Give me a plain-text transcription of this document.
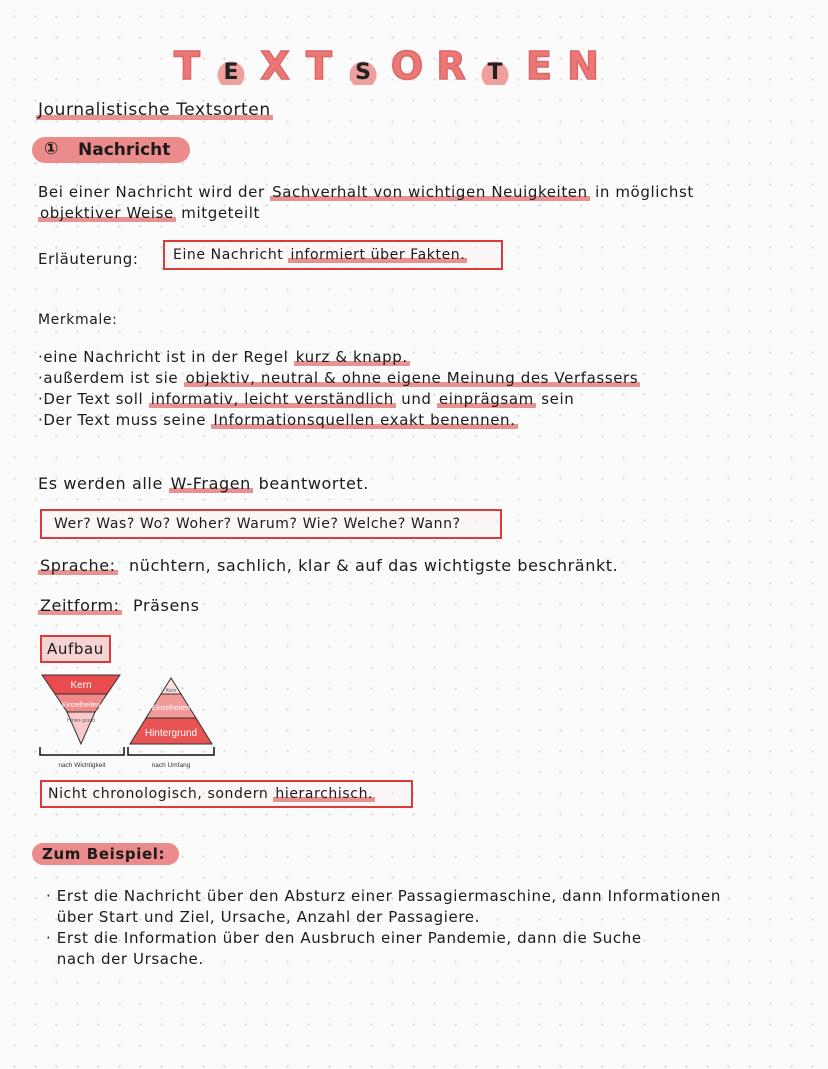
T E X T S O R T E N
Journalistische Textsorten
① Nachricht
Bei einer Nachricht wird der Sachverhalt von wichtigen Neuigkeiten in möglichst
objektiver Weise mitgeteilt
Erläuterung:	Eine Nachricht informiert über Fakten.
Merkmale:
·eine Nachricht ist in der Regel kurz & knapp.
·außerdem ist sie objektiv, neutral & ohne eigene Meinung des Verfassers
·Der Text soll informativ, leicht verständlich und einprägsam sein
·Der Text muss seine Informationsquellen exakt benennen.
Es werden alle W-Fragen beantwortet.
Wer? Was? Wo? Woher? Warum? Wie? Welche? Wann?
Sprache: nüchtern, sachlich, klar & auf das wichtigste beschränkt.
Zeitform: Präsens
Aufbau
Kern
Einzelheiten
Hinter-grund
Kern
Einzelheiten
Hintergrund
nach Wichtigkeit	nach Umfang
Nicht chronologisch, sondern hierarchisch.
Zum Beispiel:
· Erst die Nachricht über den Absturz einer Passagiermaschine, dann Informationen
über Start und Ziel, Ursache, Anzahl der Passagiere.
· Erst die Information über den Ausbruch einer Pandemie, dann die Suche
nach der Ursache.
